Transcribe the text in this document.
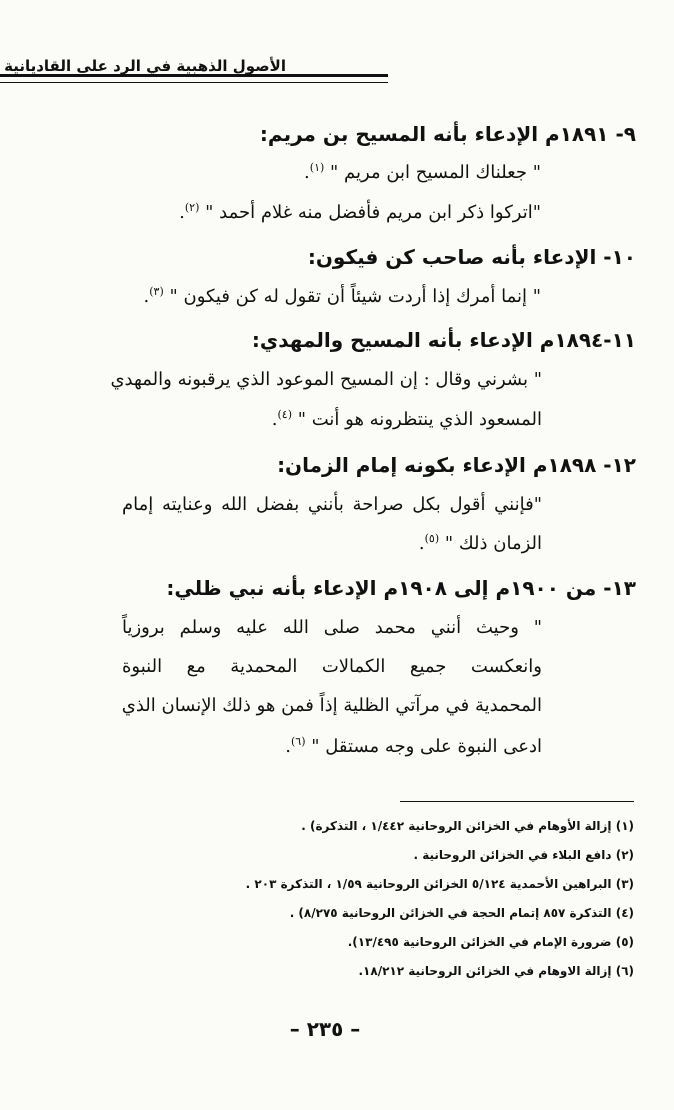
الأصول الذهبية في الرد على القاديانية
٩- ١٨٩١م الإدعاء بأنه المسيح بن مريم:
" جعلناك المسيح ابن مريم " $^{(١)}$.
"اتركوا ذكر ابن مريم فأفضل منه غلام أحمد " $^{(٢)}$.
١٠- الإدعاء بأنه صاحب كن فيكون:
" إنما أمرك إذا أردت شيئاً أن تقول له كن فيكون " $^{(٣)}$.
١١-١٨٩٤م الإدعاء بأنه المسيح والمهدي:
" بشرني وقال : إن المسيح الموعود الذي يرقبونه والمهدي
المسعود الذي ينتظرونه هو أنت " $^{(٤)}$.
١٢- ١٨٩٨م الإدعاء بكونه إمام الزمان:
"فإنني أقول بكل صراحة بأنني بفضل الله وعنايته إمام
الزمان ذلك " $^{(٥)}$.
١٣- من ١٩٠٠م إلى ١٩٠٨م الإدعاء بأنه نبي ظلي:
" وحيث أنني محمد صلى الله عليه وسلم بروزياً
وانعكست جميع الكمالات المحمدية مع النبوة
المحمدية في مرآتي الظلية إذاً فمن هو ذلك الإنسان الذي
ادعى النبوة على وجه مستقل " $^{(٦)}$.
(١) إزالة الأوهام في الخزائن الروحانية ١/٤٤٢ ، التذكرة) .
(٢) دافع البلاء في الخزائن الروحانية .
(٣) البراهين الأحمدية ٥/١٢٤ الخزائن الروحانية ١/٥٩ ، التذكرة ٢٠٣ .
(٤) التذكرة ٨٥٧ إتمام الحجة في الخزائن الروحانية ٨/٢٧٥) .
(٥) ضرورة الإمام في الخزائن الروحانية ١٣/٤٩٥).
(٦) إزالة الاوهام في الخزائن الروحانية ١٨/٢١٢.
– ٢٣٥ –
